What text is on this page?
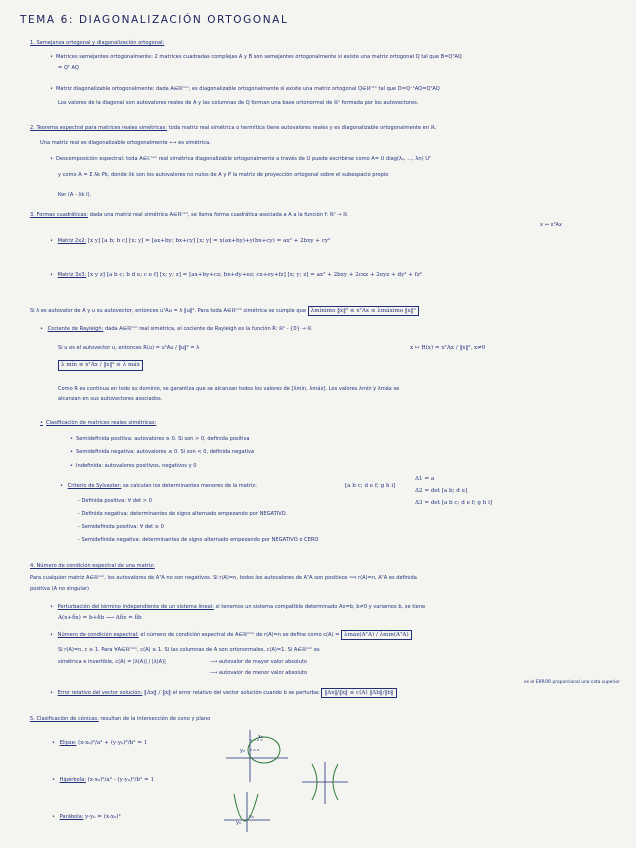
TEMA 6: DIAGONALIZACIÓN ORTOGONAL
1. Semejanza ortogonal y diagonalización ortogonal:
• Matrices semejantes ortogonalmente: 2 matrices cuadradas complejas A y B son semejantes ortogonalmente si existe una matriz ortogonal Q tal que B=QᵀAQ
= Qᵀ AQ
• Matriz diagonalizable ortogonalmente: dada A∈ℝⁿˣⁿ, es diagonalizable ortogonalmente si existe una matriz ortogonal Q∈ℝⁿˣⁿ tal que D=Q⁻¹AQ=QᵀAQ
Los valores de la diagonal son autovalores reales de A y las columnas de Q forman una base ortonormal de ℝⁿ formada por los autovectores.
2. Teorema espectral para matrices reales simétricas: toda matriz real simétrica o hermítica tiene autovalores reales y es diagonalizable ortogonalmente en ℝ.
Una matriz real es diagonalizable ortogonalmente ⟷ es simétrica.
• Descomposición espectral: toda A∈ℂⁿˣⁿ real simétrica diagonalizable ortogonalmente a través de U puede escribirse como A= U diag(λ₁, ..., λn) Uᵀ
y como A = Σ λk Pk, donde λk son los autovalores no nulos de A y P la matriz de proyección ortogonal sobre el subespacio propio
Ker (A - λk I).
3. Formas cuadráticas: dada una matriz real simétrica A∈ℝⁿˣⁿ, se llama forma cuadrática asociada a A a la función f: ℝⁿ → ℝ
x ↦ xᵀAx
• Matriz 2x2: [x y] [a b; b c] [x; y] = [ax+by; bx+cy] [x; y] = x(ax+by)+y(bx+cy) = ax² + 2bxy + cy²
• Matriz 3x3: [x y z] [a b c; b d e; c e f] [x; y; z] = [ax+by+cz; bx+dy+ez; cx+ey+fz] [x; y; z] = ax² + 2bxy + 2cxz + 2eyz + dy² + fz²
Si λ es autovalor de A y u su autovector, entonces uᵀAu = λ ‖u‖². Para toda A∈ℝⁿˣⁿ simétrica se cumple que λmínimo ‖x‖² ≤ xᵀAx ≤ λmáximo ‖x‖²
• Cociente de Rayleigh: dada A∈ℝⁿˣⁿ real simétrica, el cociente de Rayleigh es la función R: ℝⁿ - {0} → ℝ
Si u es el autovector u, entonces R(u) = uᵀAu / ‖u‖² = λ	x ↦ R(x) = xᵀAx / ‖x‖², x≠0
λ mín ≤ xᵀAx / ‖x‖² ≤ λ máx
Como R es continua en todo su dominio, se garantiza que se alcanzan todos los valores de [λmín, λmáx]. Los valores λmín y λmáx se
alcanzan en sus autovectores asociados.
• Clasificación de matrices reales simétricas:
• Semidefinida positiva: autovalores ≥ 0. Si son > 0, definida positiva
• Semidefinida negativa: autovalores ≤ 0. Si son < 0, definida negativa
• Indefinida: autovalores positivos, negativos y 0
• Criterio de Sylvester: se calculan los determinantes menores de la matriz:	[a b c; d e f; g h i]
Δ1 = a
Δ2 = det [a b; d e]
Δ3 = det [a b c; d e f; g h i]
- Definida positiva: ∀ det > 0
- Definida negativa: determinantes de signo alternado empezando por NEGATIVO.
- Semidefinida positiva: ∀ det ≥ 0
- Semidefinida negativa: determinantes de signo alternado empezando por NEGATIVO o CERO
4. Número de condición espectral de una matriz:
Para cualquier matriz A∈ℝⁿˣⁿ, los autovalores de AᵀA no son negativos. Si r(A)=n, todos los autovalores de AᵀA son positivos ⟹ r(A)=n, AᵀA es definida
positiva (A no singular)
• Perturbación del término independiente de un sistema lineal: si tenemos un sistema compatible determinado Ax=b, b≠0 y variamos b, se tiene
A(x+δx) = b+δb ⟶ Aδx = δb
• Número de condición espectral: el número de condición espectral de A∈ℝᵐˣⁿ de r(A)=n se define como c(A) = λmáx(AᵀA) / λmín(AᵀA)
Si r(A)=n, c ≥ 1. Para ∀A∈ℝᵐˣⁿ, c(A) ≥ 1. Si las columnas de A son ortonormales, c(A)=1. Si A∈ℝⁿˣⁿ es
simétrica e invertible, c(A) = |λ(A)| / |λ(A)|	⟶ autovalor de mayor valor absoluto
⟶ autovalor de menor valor absoluto
• Error relativo del vector solución: ‖Δx‖ / ‖x‖ el error relativo del vector solución cuando b se perturba: ‖Δx‖/‖x‖ ≤ c(A) ‖Δb‖/‖b‖
es el ERROR proporcional una cota superior
5. Clasificación de cónicas: resultan de la intersección de cono y plano
• Elipse: (x-x₀)²/a² + (y-y₀)²/b² = 1
• Hipérbola: (x-x₀)²/a² - (y-y₀)²/b² = 1
• Parábola: y-y₀ = (x-x₀)²
x₀
y₀
x₀
y₀
